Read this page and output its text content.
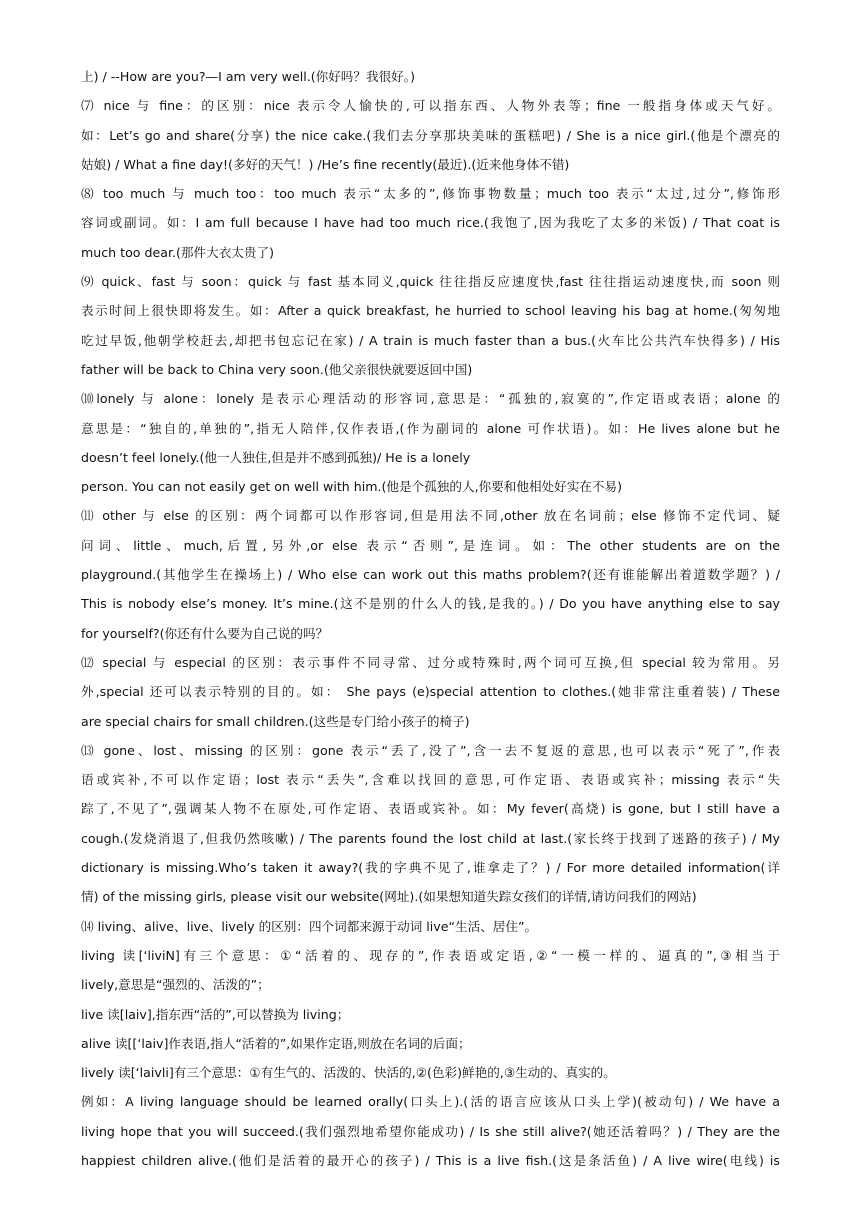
上) / --How are you?—I am very well.(你好吗？我很好。)
⑺ nice 与 fine：的区别：nice 表示令人愉快的,可以指东西、人物外表等；fine 一般指身体或天气好。
如：Let’s go and share(分享) the nice cake.(我们去分享那块美味的蛋糕吧) / She is a nice girl.(他是个漂亮的
姑娘) / What a fine day!(多好的天气！) /He’s fine recently(最近).(近来他身体不错)
⑻ too much 与 much too：too much 表示“太多的”,修饰事物数量；much too 表示“太过,过分”,修饰形
容词或副词。如：I am full because I have had too much rice.(我饱了,因为我吃了太多的米饭) / That coat is
much too dear.(那件大衣太贵了)
⑼ quick、fast 与 soon：quick 与 fast 基本同义,quick 往往指反应速度快,fast 往往指运动速度快,而 soon 则
表示时间上很快即将发生。如：After a quick breakfast, he hurried to school leaving his bag at home.(匆匆地
吃过早饭,他朝学校赶去,却把书包忘记在家) / A train is much faster than a bus.(火车比公共汽车快得多) / His
father will be back to China very soon.(他父亲很快就要返回中国)
⑽lonely 与 alone：lonely 是表示心理活动的形容词,意思是：“孤独的,寂寞的”,作定语或表语；alone 的
意思是：“独自的,单独的”,指无人陪伴,仅作表语,(作为副词的 alone 可作状语)。如：He lives alone but he
doesn’t feel lonely.(他一人独住,但是并不感到孤独)/ He is a lonely
person. You can not easily get on well with him.(他是个孤独的人,你要和他相处好实在不易)
⑾ other 与 else 的区别：两个词都可以作形容词,但是用法不同,other 放在名词前；else 修饰不定代词、疑
问词、little、much,后置,另外,or else 表示“否则”,是连词。如：The other students are on the
playground.(其他学生在操场上) / Who else can work out this maths problem?(还有谁能解出着道数学题？) /
This is nobody else’s money. It’s mine.(这不是别的什么人的钱,是我的。) / Do you have anything else to say
for yourself?(你还有什么要为自己说的吗？
⑿ special 与 especial 的区别：表示事件不同寻常、过分或特殊时,两个词可互换,但 special 较为常用。另
外,special 还可以表示特别的目的。如： She pays (e)special attention to clothes.(她非常注重着装) / These
are special chairs for small children.(这些是专门给小孩子的椅子)
⒀ gone、lost、missing 的区别：gone 表示“丢了,没了”,含一去不复返的意思,也可以表示“死了”,作表
语或宾补,不可以作定语；lost 表示“丢失”,含难以找回的意思,可作定语、表语或宾补；missing 表示“失
踪了,不见了”,强调某人物不在原处,可作定语、表语或宾补。如：My fever(高烧) is gone, but I still have a
cough.(发烧消退了,但我仍然咳嗽) / The parents found the lost child at last.(家长终于找到了迷路的孩子) / My
dictionary is missing.Who’s taken it away?(我的字典不见了,谁拿走了？) / For more detailed information(详
情) of the missing girls, please visit our website(网址).(如果想知道失踪女孩们的详情,请访问我们的网站)
⒁ living、alive、live、lively 的区别：四个词都来源于动词 live“生活、居住”。
living 读[‘liviN]有三个意思：①“活着的、现存的”,作表语或定语,②“一模一样的、逼真的”,③相当于
lively,意思是“强烈的、活泼的”；
live 读[laiv],指东西“活的”,可以替换为 living；
alive 读[[‘laiv]作表语,指人“活着的”,如果作定语,则放在名词的后面；
lively 读[‘laivli]有三个意思：①有生气的、活泼的、快活的,②(色彩)鲜艳的,③生动的、真实的。
例如：A living language should be learned orally(口头上).(活的语言应该从口头上学)(被动句) / We have a
living hope that you will succeed.(我们强烈地希望你能成功) / Is she still alive?(她还活着吗？) / They are the
happiest children alive.(他们是活着的最开心的孩子) / This is a live fish.(这是条活鱼) / A live wire(电线) is
